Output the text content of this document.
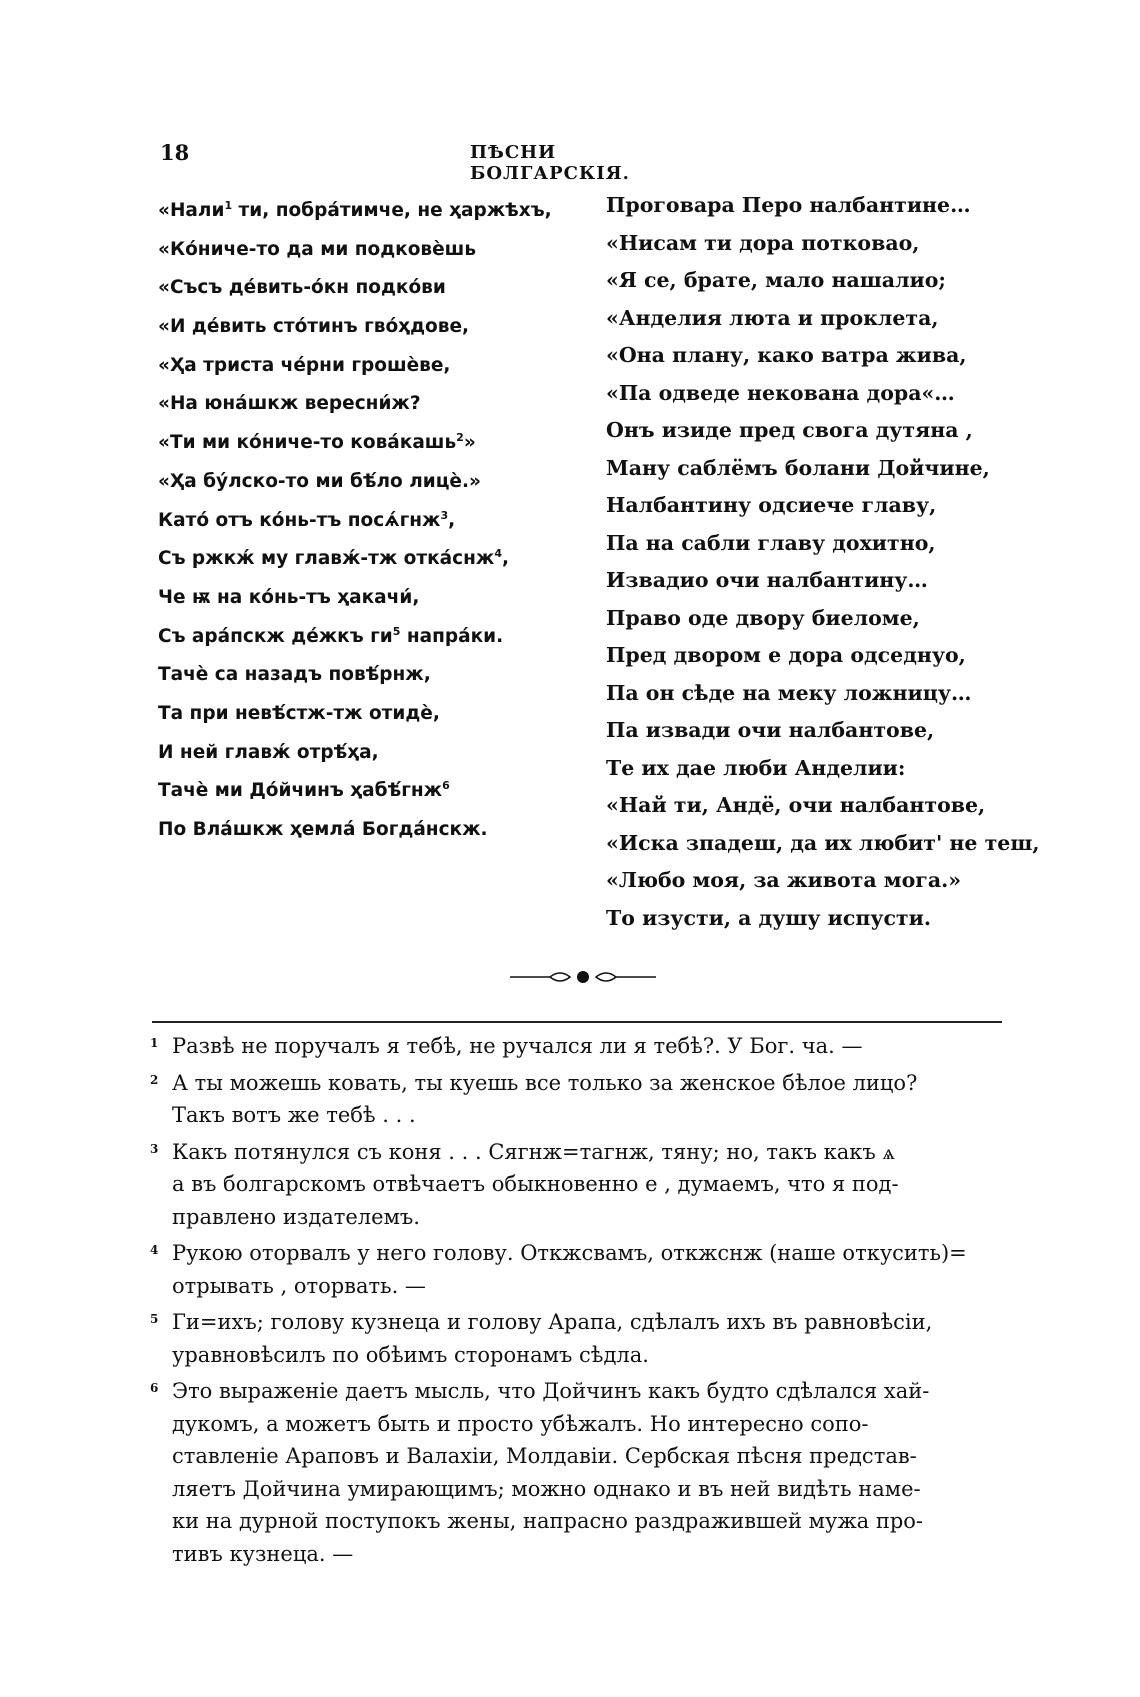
18	ПѢСНИ БОЛГАРСКІЯ.
«Нали$^1$ ти, побра́тимче, не ҳаржѣхъ,
«Ко́ниче-то да ми подковѐшь
«Съсъ де́вить-о́кн подко́ви
«И де́вить сто́тинъ гво́ҳдове,
«Ҳа триста че́рни грошѐве,
«На юна́шкж вересни́ж?
«Ти ми ко́ниче-то кова́кашь$^2$»
«Ҳа бу́лско-то ми бѣ́ло лицѐ.»
Като́ отъ ко́нь-тъ посѧ́гнж$^3$,
Съ ржкж́ му главж́-тж отка́снж$^4$,
Че ѭ на ко́нь-тъ ҳакачи́,
Съ ара́пскж де́жкъ $ги^5$ напра́ки.
Тачѐ са назадъ повѣ́рнж,
Та при невѣ́стж-тж отидѐ,
И ней главж́ отрѣ́ҳа,
Тачѐ ми До́йчинъ ҳабѣ́гнж$^6$
По Вла́шкж ҳемла́ Богда́нскж.
Проговара Перо налбантине…
«Нисам ти дора потковао,
«Я се, брате, мало нашалио;
«Анделия люта и проклета,
«Она плану, како ватра жива,
«Па одведе некована дора«…
Онъ изиде пред свога дутяна ,
Ману саблёмъ болани Дойчине,
Налбантину одсиече главу,
Па на сабли главу дохитно,
Извадио очи налбантину…
Право оде двору биеломе,
Пред двором е дора одседнуо,
Па он сѣде на меку ложницу…
Па извади очи налбантове,
Те их дае люби Анделии:
«Най ти, Андё, очи налбантове,
«Иска зпадеш, да их любит' не теш,
«Любо моя, за живота мога.»
То изусти, а душу испусти.
1 Развѣ не поручалъ я тебѣ, не ручался ли я тебѣ?. У Бог. ча. —
2 А ты можешь ковать, ты куешь все только за женское бѣлое лицо?
Такъ вотъ же тебѣ . . .
3 Какъ потянулся съ коня . . . Сягнж=тагнж, тяну; но, такъ какъ ѧ
а въ болгарскомъ отвѣчаетъ обыкновенно е , думаемъ, что я под-
правлено издателемъ.
4 Рукою оторвалъ у него голову. Откжсвамъ, откжснж (наше откусить)=
отрывать , оторвать. —
5 Ги=ихъ; голову кузнеца и голову Арапа, сдѣлалъ ихъ въ равновѣсіи,
уравновѣсилъ по обѣимъ сторонамъ сѣдла.
6 Это выраженіе даетъ мысль, что Дойчинъ какъ будто сдѣлался хай-
дукомъ, а можетъ быть и просто убѣжалъ. Но интересно сопо-
ставленіе Араповъ и Валахіи, Молдавіи. Сербская пѣсня представ-
ляетъ Дойчина умирающимъ; можно однако и въ ней видѣть наме-
ки на дурной поступокъ жены, напрасно раздражившей мужа про-
тивъ кузнеца. —
